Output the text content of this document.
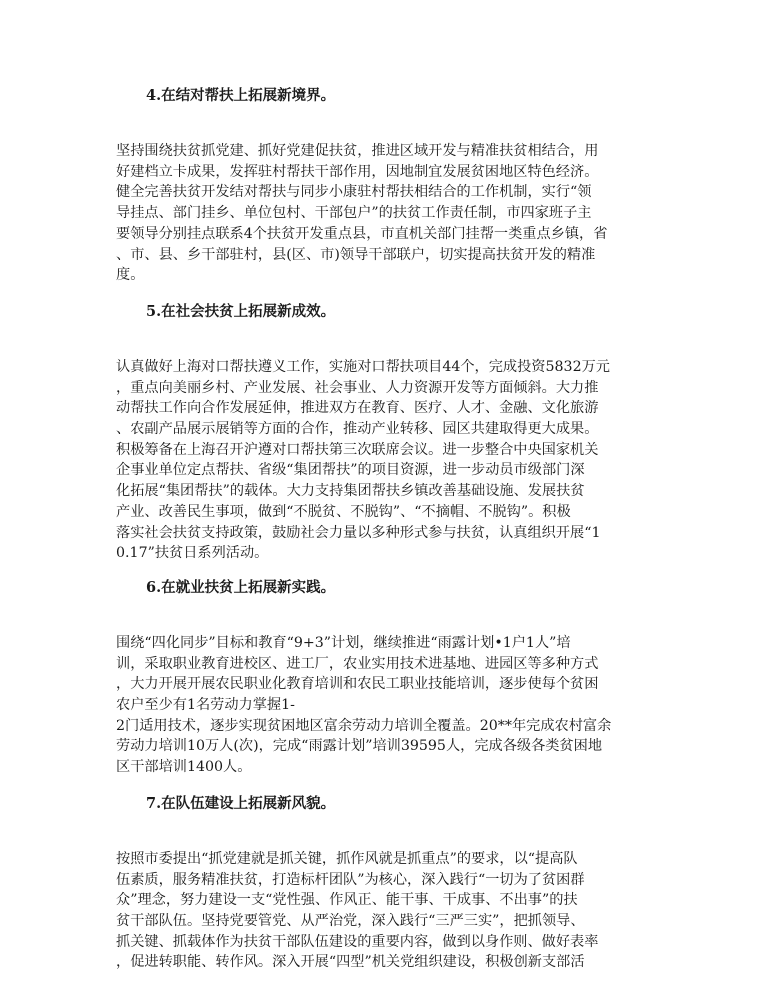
4.在结对帮扶上拓展新境界。
坚持围绕扶贫抓党建、抓好党建促扶贫，推进区域开发与精准扶贫相结合，用
好建档立卡成果，发挥驻村帮扶干部作用，因地制宜发展贫困地区特色经济。
健全完善扶贫开发结对帮扶与同步小康驻村帮扶相结合的工作机制，实行“领
导挂点、部门挂乡、单位包村、干部包户”的扶贫工作责任制，市四家班子主
要领导分别挂点联系4个扶贫开发重点县，市直机关部门挂帮一类重点乡镇，省
、市、县、乡干部驻村，县(区、市)领导干部联户，切实提高扶贫开发的精准
度。
5.在社会扶贫上拓展新成效。
认真做好上海对口帮扶遵义工作，实施对口帮扶项目44个，完成投资5832万元
，重点向美丽乡村、产业发展、社会事业、人力资源开发等方面倾斜。大力推
动帮扶工作向合作发展延伸，推进双方在教育、医疗、人才、金融、文化旅游
、农副产品展示展销等方面的合作，推动产业转移、园区共建取得更大成果。
积极筹备在上海召开沪遵对口帮扶第三次联席会议。进一步整合中央国家机关
企事业单位定点帮扶、省级“集团帮扶”的项目资源，进一步动员市级部门深
化拓展“集团帮扶”的载体。大力支持集团帮扶乡镇改善基础设施、发展扶贫
产业、改善民生事项，做到“不脱贫、不脱钩”、“不摘帽、不脱钩”。积极
落实社会扶贫支持政策，鼓励社会力量以多种形式参与扶贫，认真组织开展“1
0.17”扶贫日系列活动。
6.在就业扶贫上拓展新实践。
围绕“四化同步”目标和教育“9+3”计划，继续推进“雨露计划•1户1人”培
训，采取职业教育进校区、进工厂，农业实用技术进基地、进园区等多种方式
，大力开展开展农民职业化教育培训和农民工职业技能培训，逐步使每个贫困
农户至少有1名劳动力掌握1-
2门适用技术，逐步实现贫困地区富余劳动力培训全覆盖。20**年完成农村富余
劳动力培训10万人(次)，完成“雨露计划”培训39595人，完成各级各类贫困地
区干部培训1400人。
7.在队伍建设上拓展新风貌。
按照市委提出“抓党建就是抓关键，抓作风就是抓重点”的要求，以“提高队
伍素质，服务精准扶贫，打造标杆团队”为核心，深入践行“一切为了贫困群
众”理念，努力建设一支“党性强、作风正、能干事、干成事、不出事”的扶
贫干部队伍。坚持党要管党、从严治党，深入践行“三严三实”，把抓领导、
抓关键、抓载体作为扶贫干部队伍建设的重要内容，做到以身作则、做好表率
，促进转职能、转作风。深入开展“四型”机关党组织建设，积极创新支部活
